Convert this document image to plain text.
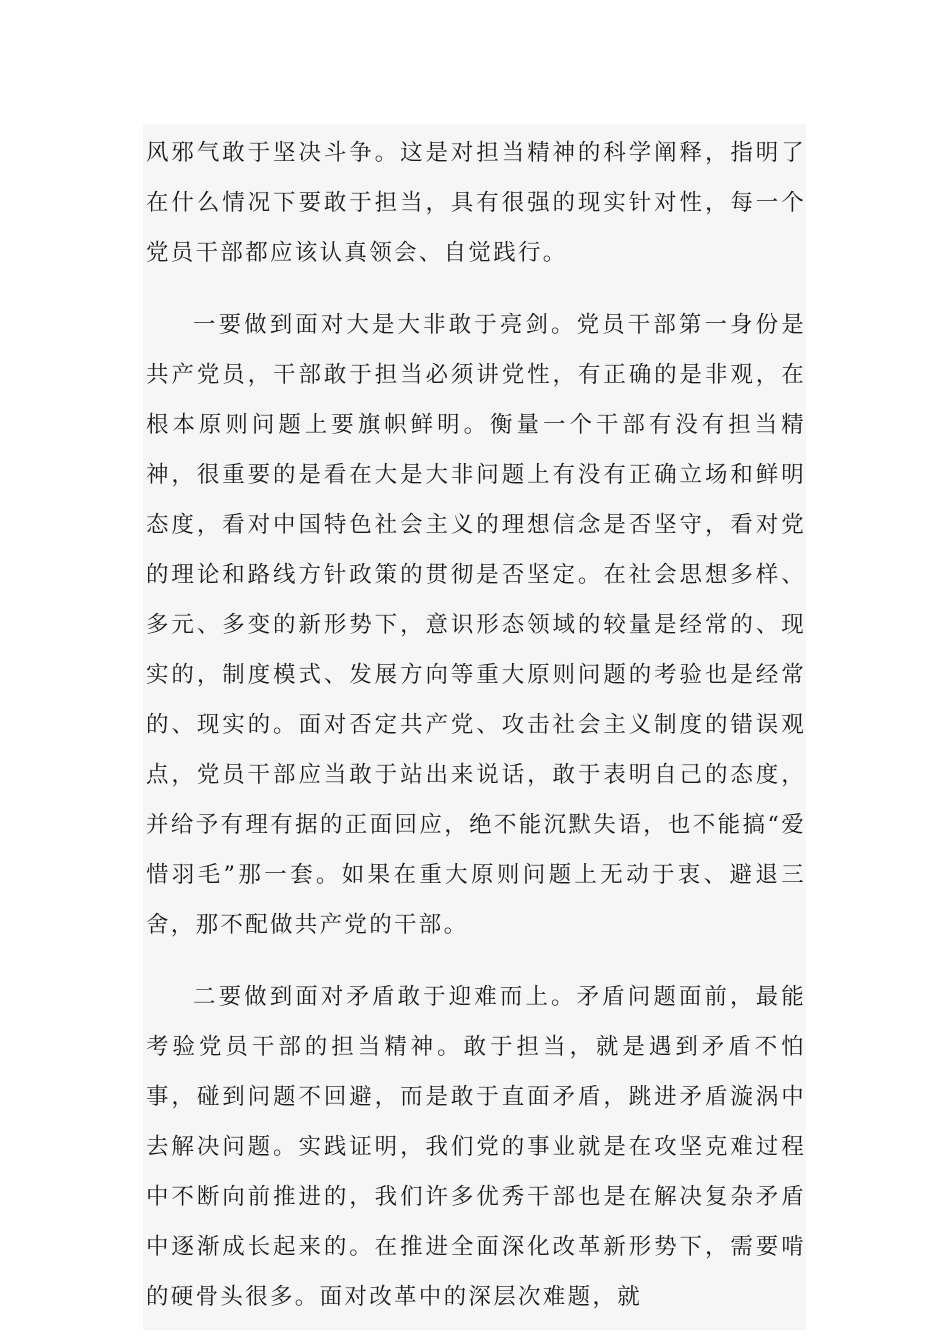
风邪气敢于坚决斗争。这是对担当精神的科学阐释，指明了在什么情况下要敢于担当，具有很强的现实针对性，每一个党员干部都应该认真领会、自觉践行。

一要做到面对大是大非敢于亮剑。党员干部第一身份是共产党员，干部敢于担当必须讲党性，有正确的是非观，在根本原则问题上要旗帜鲜明。衡量一个干部有没有担当精神，很重要的是看在大是大非问题上有没有正确立场和鲜明态度，看对中国特色社会主义的理想信念是否坚守，看对党的理论和路线方针政策的贯彻是否坚定。在社会思想多样、多元、多变的新形势下，意识形态领域的较量是经常的、现实的，制度模式、发展方向等重大原则问题的考验也是经常的、现实的。面对否定共产党、攻击社会主义制度的错误观点，党员干部应当敢于站出来说话，敢于表明自己的态度，并给予有理有据的正面回应，绝不能沉默失语，也不能搞“爱惜羽毛”那一套。如果在重大原则问题上无动于衷、避退三舍，那不配做共产党的干部。

二要做到面对矛盾敢于迎难而上。矛盾问题面前，最能考验党员干部的担当精神。敢于担当，就是遇到矛盾不怕事，碰到问题不回避，而是敢于直面矛盾，跳进矛盾漩涡中去解决问题。实践证明，我们党的事业就是在攻坚克难过程中不断向前推进的，我们许多优秀干部也是在解决复杂矛盾中逐渐成长起来的。在推进全面深化改革新形势下，需要啃的硬骨头很多。面对改革中的深层次难题，就
